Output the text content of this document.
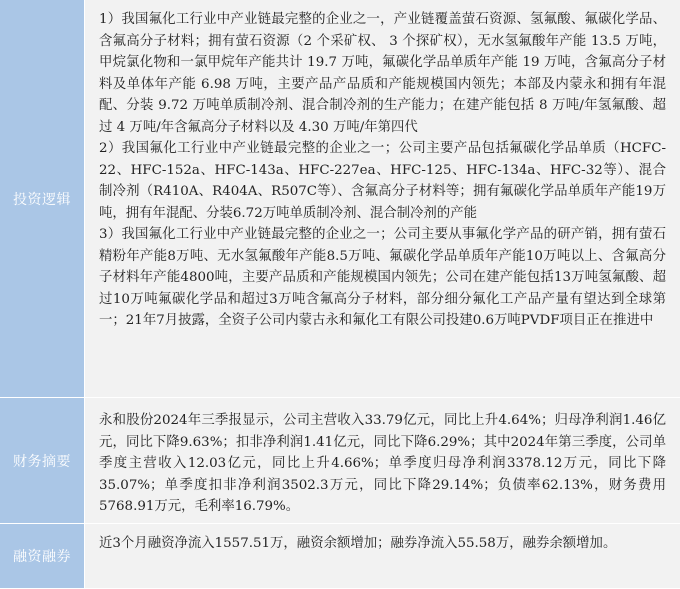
投资逻辑

1）我国氟化工行业中产业链最完整的企业之一，产业链覆盖萤石资源、氢氟酸、氟碳化学品、含氟高分子材料；拥有萤石资源（2 个采矿权、 3 个探矿权），无水氢氟酸年产能 13.5 万吨，甲烷氯化物和一氯甲烷年产能共计 19.7 万吨，氟碳化学品单质年产能 19 万吨，含氟高分子材料及单体年产能 6.98 万吨，主要产品产品质和产能规模国内领先；本部及内蒙永和拥有年混配、分装 9.72 万吨单质制冷剂、混合制冷剂的生产能力；在建产能包括 8 万吨/年氢氟酸、超过 4 万吨/年含氟高分子材料以及 4.30 万吨/年第四代

2）我国氟化工行业中产业链最完整的企业之一；公司主要产品包括氟碳化学品单质（HCFC-22、HFC-152a、HFC-143a、HFC-227ea、HFC-125、HFC-134a、HFC-32等）、混合制冷剂（R410A、R404A、R507C等）、含氟高分子材料等；拥有氟碳化学品单质年产能19万吨，拥有年混配、分装6.72万吨单质制冷剂、混合制冷剂的产能

3）我国氟化工行业中产业链最完整的企业之一；公司主要从事氟化学产品的研产销，拥有萤石精粉年产能8万吨、无水氢氟酸年产能8.5万吨、氟碳化学品单质年产能10万吨以上、含氟高分子材料年产能4800吨，主要产品质和产能规模国内领先；公司在建产能包括13万吨氢氟酸、超过10万吨氟碳化学品和超过3万吨含氟高分子材料，部分细分氟化工产品产量有望达到全球第一；21年7月披露，全资子公司内蒙古永和氟化工有限公司投建0.6万吨PVDF项目正在推进中

财务摘要

永和股份2024年三季报显示，公司主营收入33.79亿元，同比上升4.64%；归母净利润1.46亿元，同比下降9.63%；扣非净利润1.41亿元，同比下降6.29%；其中2024年第三季度，公司单季度主营收入12.03亿元，同比上升4.66%；单季度归母净利润3378.12万元，同比下降35.07%；单季度扣非净利润3502.3万元，同比下降29.14%；负债率62.13%，财务费用5768.91万元，毛利率16.79%。

融资融券

近3个月融资净流入1557.51万，融资余额增加；融券净流入55.58万，融券余额增加。
